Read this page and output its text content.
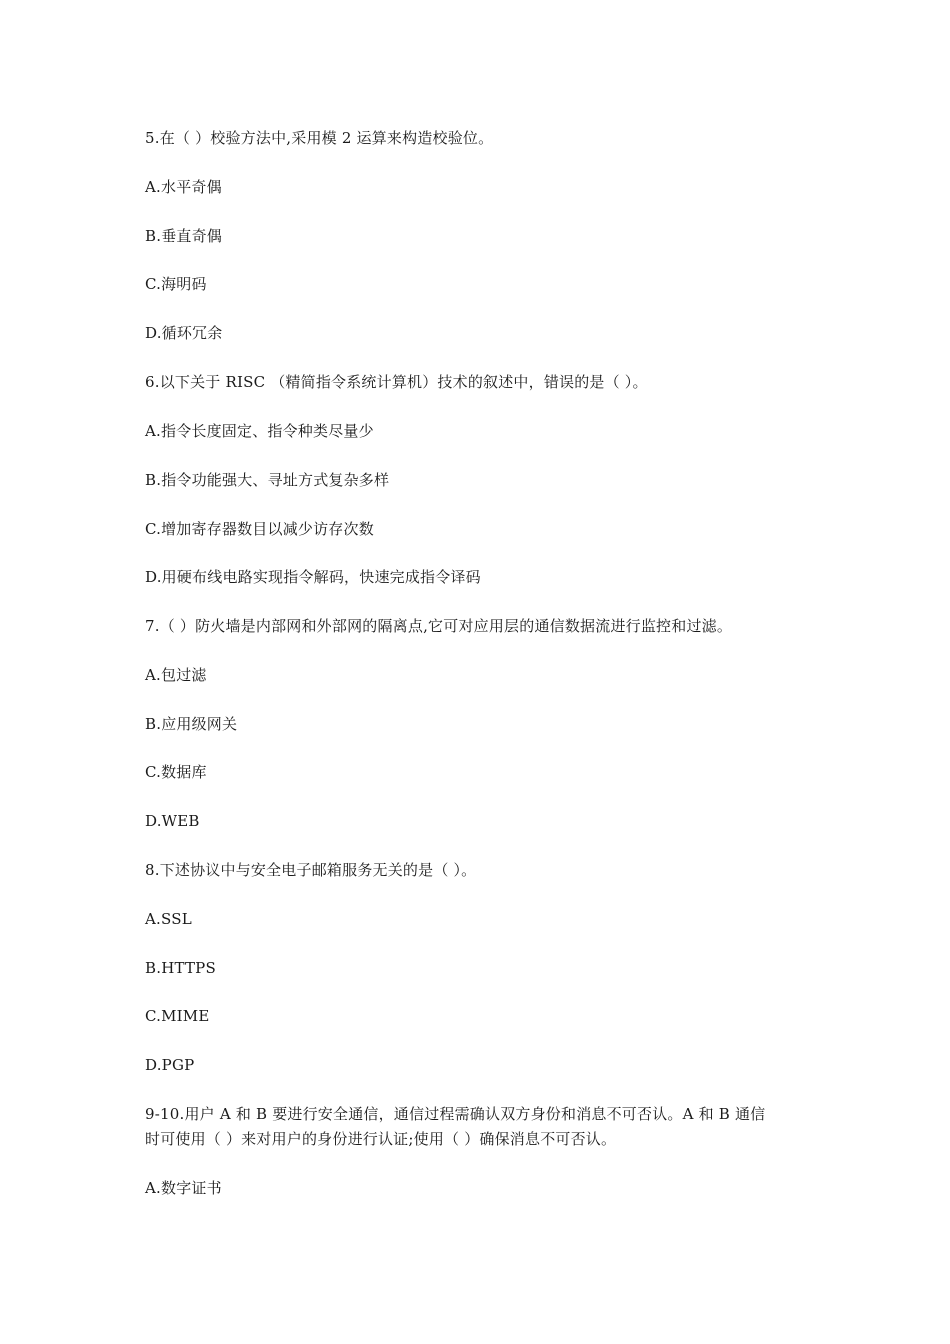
5.在（ ）校验方法中,采用模 2 运算来构造校验位。
A.水平奇偶
B.垂直奇偶
C.海明码
D.循环冗余
6.以下关于 RISC （精简指令系统计算机）技术的叙述中，错误的是（ ）。
A.指令长度固定、指令种类尽量少
B.指令功能强大、寻址方式复杂多样
C.增加寄存器数目以减少访存次数
D.用硬布线电路实现指令解码，快速完成指令译码
7.（ ）防火墙是内部网和外部网的隔离点,它可对应用层的通信数据流进行监控和过滤。
A.包过滤
B.应用级网关
C.数据库
D.WEB
8.下述协议中与安全电子邮箱服务无关的是（ ）。
A.SSL
B.HTTPS
C.MIME
D.PGP
9-10.用户 A 和 B 要进行安全通信，通信过程需确认双方身份和消息不可否认。A 和 B 通信
时可使用（ ）来对用户的身份进行认证;使用（ ）确保消息不可否认。
A.数字证书
